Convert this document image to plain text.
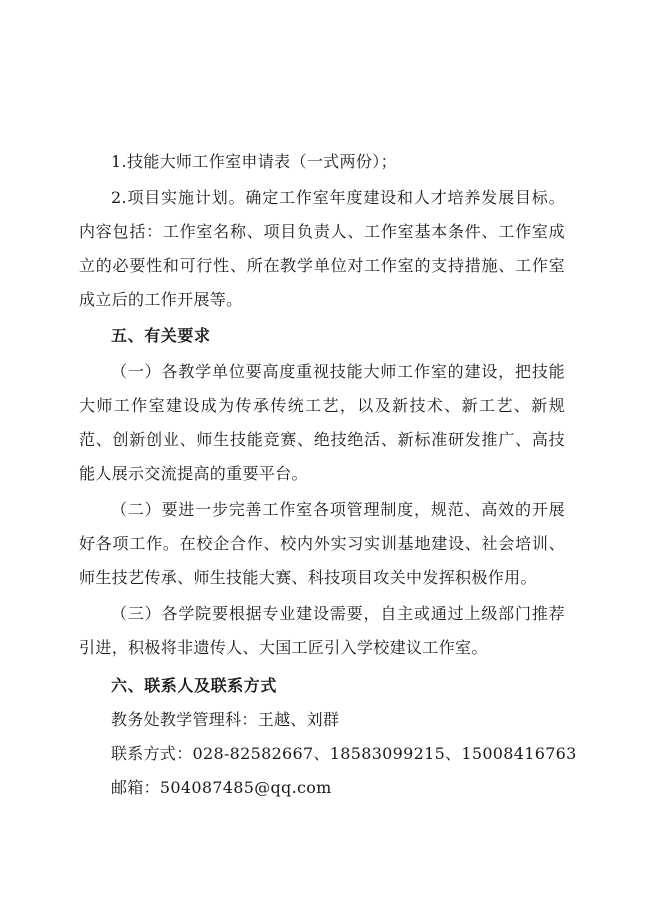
1.技能大师工作室申请表（一式两份）；

2.项目实施计划。确定工作室年度建设和人才培养发展目标。内容包括：工作室名称、项目负责人、工作室基本条件、工作室成立的必要性和可行性、所在教学单位对工作室的支持措施、工作室成立后的工作开展等。

五、有关要求

（一）各教学单位要高度重视技能大师工作室的建设，把技能大师工作室建设成为传承传统工艺，以及新技术、新工艺、新规范、创新创业、师生技能竞赛、绝技绝活、新标准研发推广、高技能人展示交流提高的重要平台。

（二）要进一步完善工作室各项管理制度，规范、高效的开展好各项工作。在校企合作、校内外实习实训基地建设、社会培训、师生技艺传承、师生技能大赛、科技项目攻关中发挥积极作用。

（三）各学院要根据专业建设需要，自主或通过上级部门推荐引进，积极将非遗传人、大国工匠引入学校建议工作室。

六、联系人及联系方式

教务处教学管理科：王越、刘群

联系方式：028-82582667、18583099215、15008416763

邮箱：504087485@qq.com
